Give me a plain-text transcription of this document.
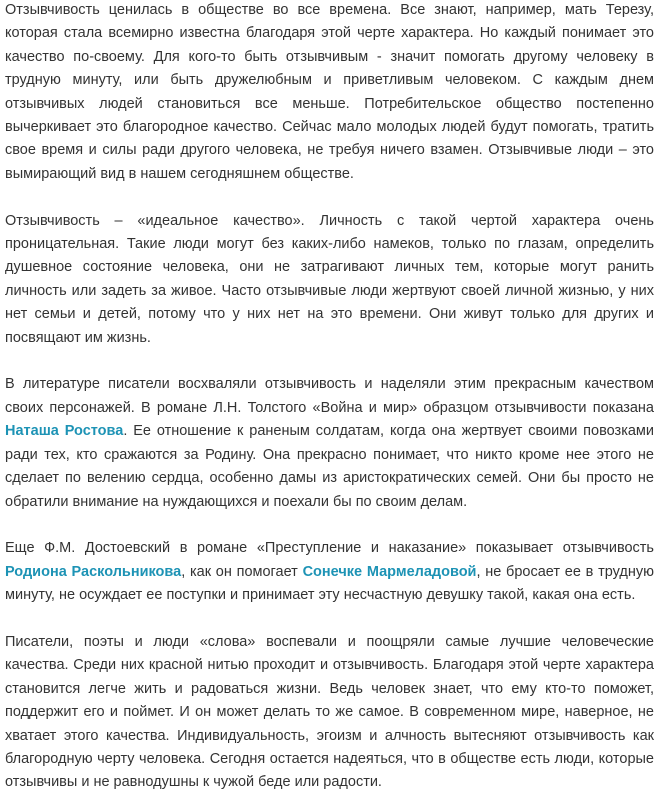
Отзывчивость ценилась в обществе во все времена. Все знают, например, мать Терезу, которая стала всемирно известна благодаря этой черте характера. Но каждый понимает это качество по-своему. Для кого-то быть отзывчивым - значит помогать другому человеку в трудную минуту, или быть дружелюбным и приветливым человеком. С каждым днем отзывчивых людей становиться все меньше. Потребительское общество постепенно вычеркивает это благородное качество. Сейчас мало молодых людей будут помогать, тратить свое время и силы ради другого человека, не требуя ничего взамен. Отзывчивые люди – это вымирающий вид в нашем сегодняшнем обществе.

Отзывчивость – «идеальное качество». Личность с такой чертой характера очень проницательная. Такие люди могут без каких-либо намеков, только по глазам, определить душевное состояние человека, они не затрагивают личных тем, которые могут ранить личность или задеть за живое. Часто отзывчивые люди жертвуют своей личной жизнью, у них нет семьи и детей, потому что у них нет на это времени. Они живут только для других и посвящают им жизнь.

В литературе писатели восхваляли отзывчивость и наделяли этим прекрасным качеством своих персонажей. В романе Л.Н. Толстого «Война и мир» образцом отзывчивости показана Наташа Ростова. Ее отношение к раненым солдатам, когда она жертвует своими повозками ради тех, кто сражаются за Родину. Она прекрасно понимает, что никто кроме нее этого не сделает по велению сердца, особенно дамы из аристократических семей. Они бы просто не обратили внимание на нуждающихся и поехали бы по своим делам.

Еще Ф.М. Достоевский в романе «Преступление и наказание» показывает отзывчивость Родиона Раскольникова, как он помогает Сонечке Мармеладовой, не бросает ее в трудную минуту, не осуждает ее поступки и принимает эту несчастную девушку такой, какая она есть.

Писатели, поэты и люди «слова» воспевали и поощряли самые лучшие человеческие качества. Среди них красной нитью проходит и отзывчивость. Благодаря этой черте характера становится легче жить и радоваться жизни. Ведь человек знает, что ему кто-то поможет, поддержит его и поймет. И он может делать то же самое. В современном мире, наверное, не хватает этого качества. Индивидуальность, эгоизм и алчность вытесняют отзывчивость как благородную черту человека. Сегодня остается надеяться, что в обществе есть люди, которые отзывчивы и не равнодушны к чужой беде или радости.
